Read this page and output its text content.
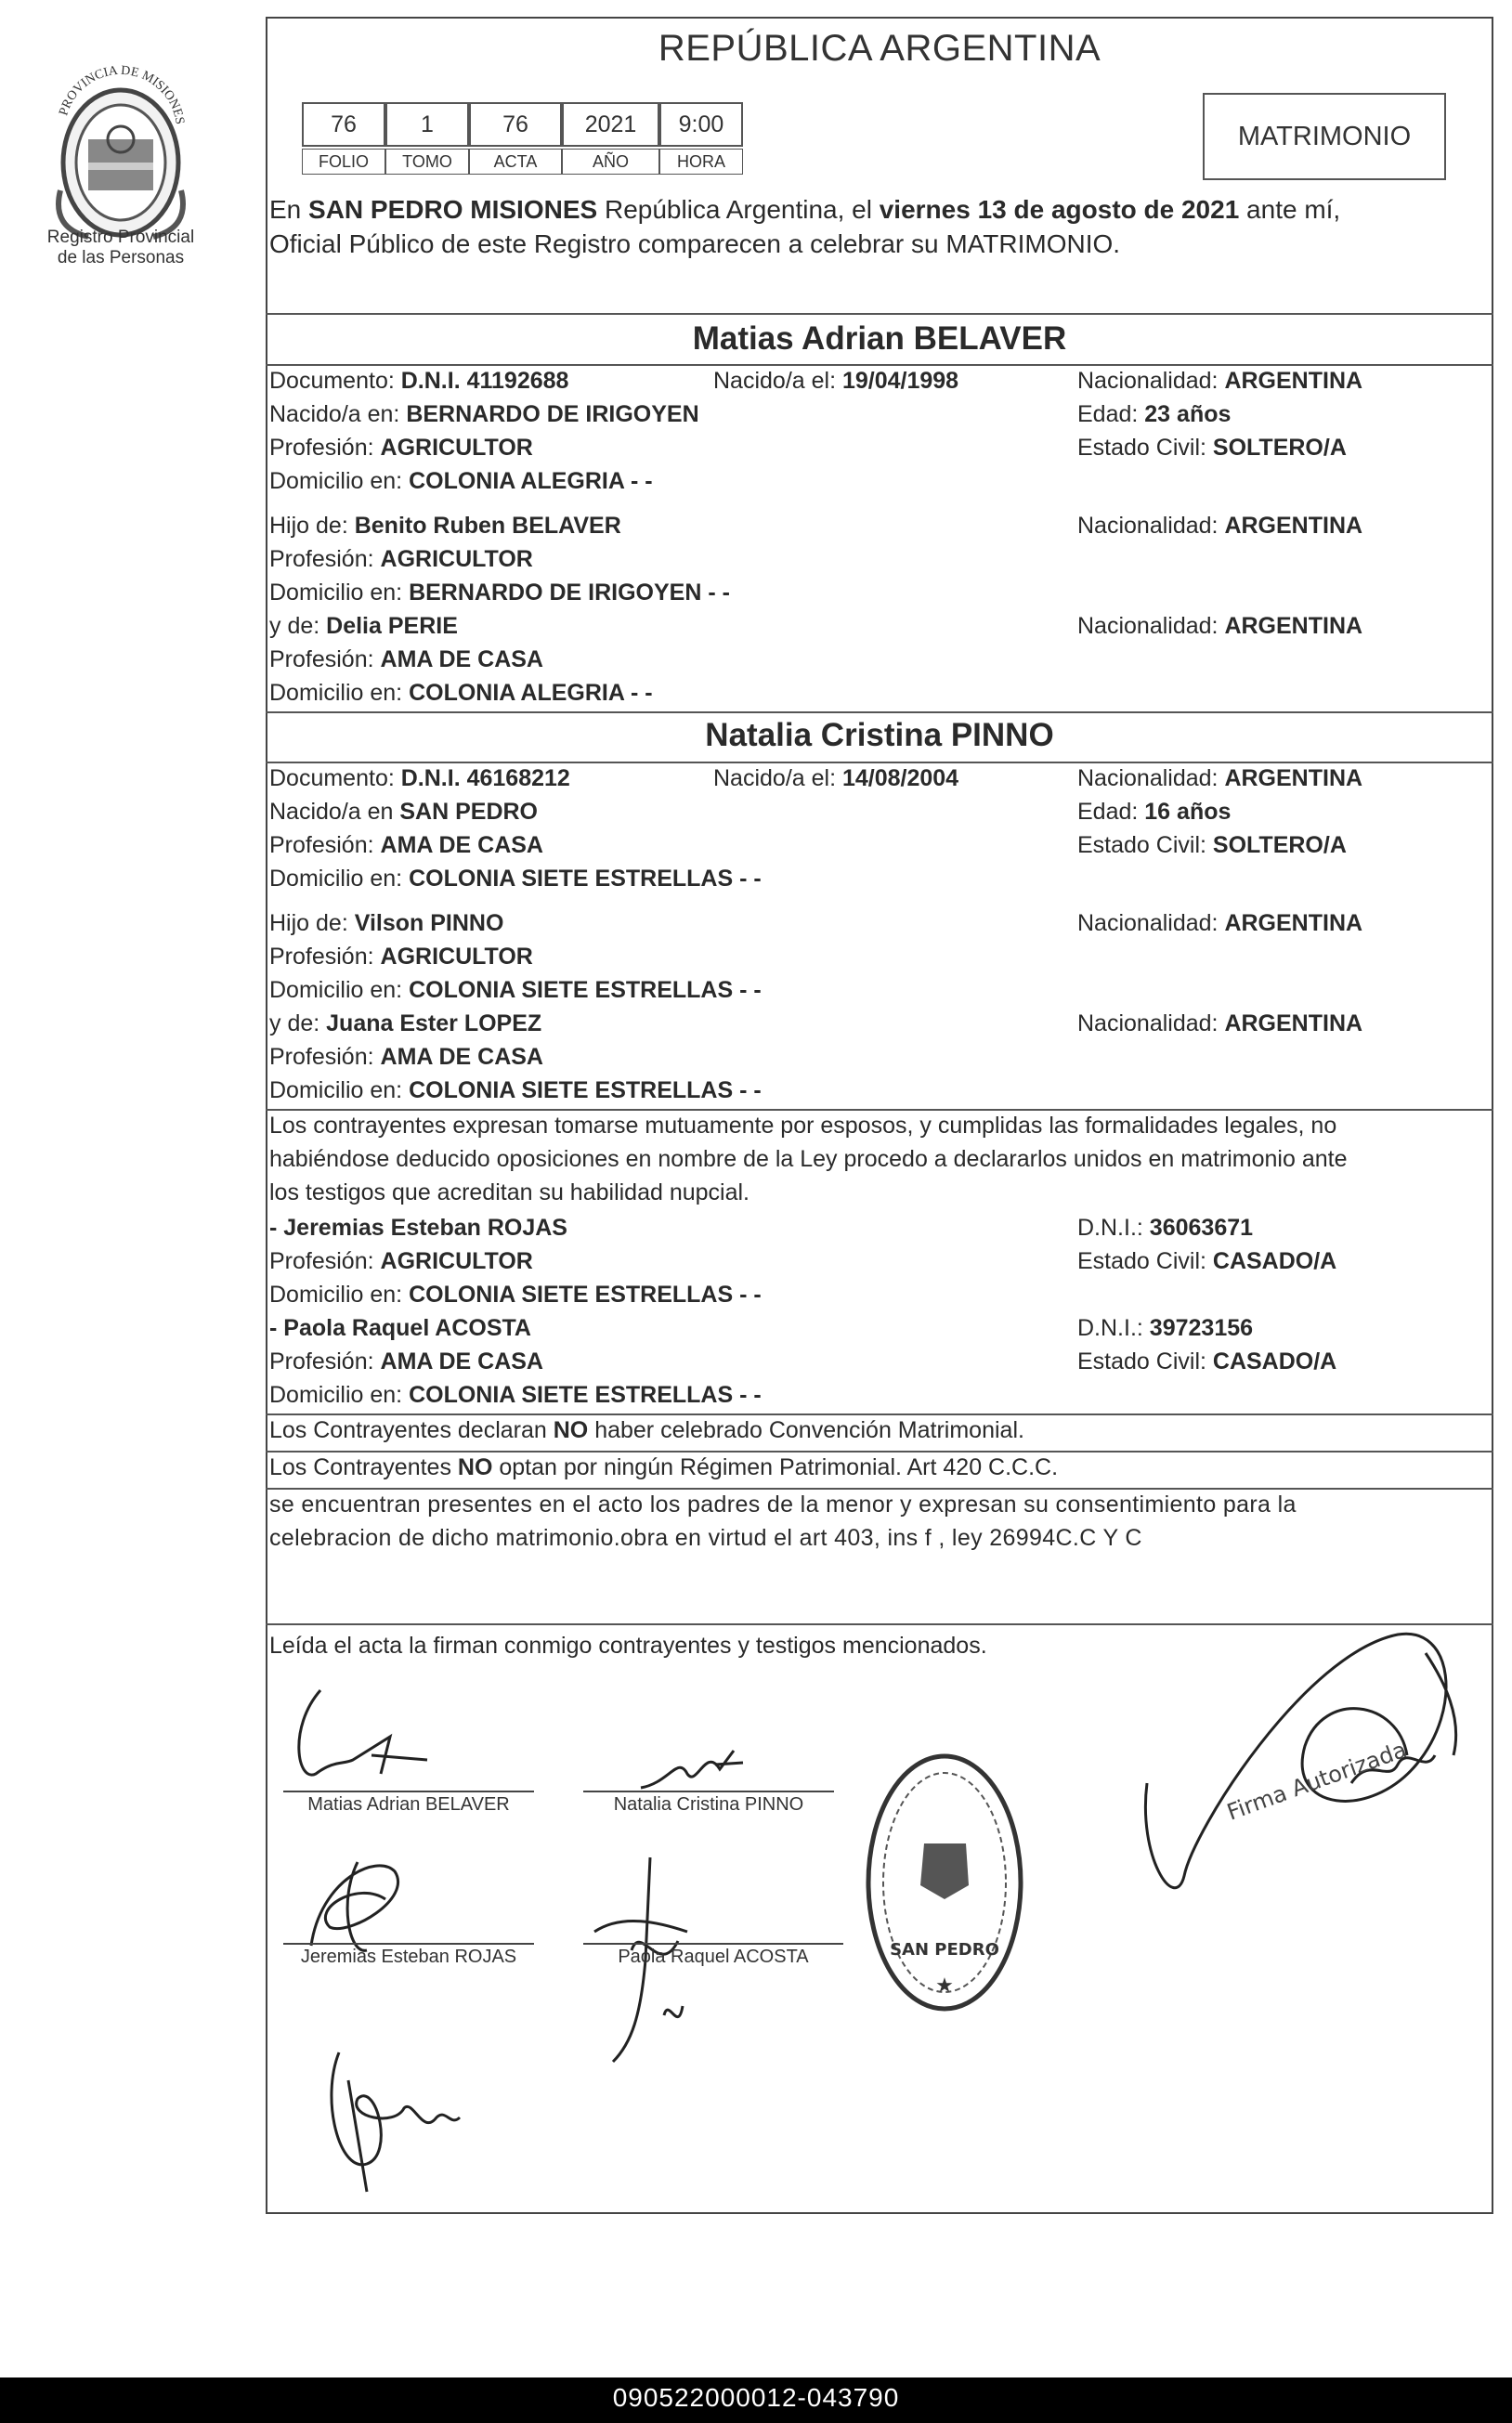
PROVINCIA DE MISIONES
Registro Provincial
de las Personas
REPÚBLICA ARGENTINA
76	1	76	2021	9:00
FOLIO	TOMO	ACTA	AÑO	HORA
MATRIMONIO
En SAN PEDRO MISIONES República Argentina, el viernes 13 de agosto de 2021 ante mí,
Oficial Público de este Registro comparecen a celebrar su MATRIMONIO.
Matias Adrian BELAVER
Documento: D.N.I. 41192688	Nacido/a el: 19/04/1998	Nacionalidad: ARGENTINA
Nacido/a en: BERNARDO DE IRIGOYEN	Edad: 23 años
Profesión: AGRICULTOR	Estado Civil: SOLTERO/A
Domicilio en: COLONIA ALEGRIA - -
Hijo de: Benito Ruben BELAVER	Nacionalidad: ARGENTINA
Profesión: AGRICULTOR
Domicilio en: BERNARDO DE IRIGOYEN - -
y de: Delia PERIE	Nacionalidad: ARGENTINA
Profesión: AMA DE CASA
Domicilio en: COLONIA ALEGRIA - -
Natalia Cristina PINNO
Documento: D.N.I. 46168212	Nacido/a el: 14/08/2004	Nacionalidad: ARGENTINA
Nacido/a en SAN PEDRO	Edad: 16 años
Profesión: AMA DE CASA	Estado Civil: SOLTERO/A
Domicilio en: COLONIA SIETE ESTRELLAS - -
Hijo de: Vilson PINNO	Nacionalidad: ARGENTINA
Profesión: AGRICULTOR
Domicilio en: COLONIA SIETE ESTRELLAS - -
y de: Juana Ester LOPEZ	Nacionalidad: ARGENTINA
Profesión: AMA DE CASA
Domicilio en: COLONIA SIETE ESTRELLAS - -
Los contrayentes expresan tomarse mutuamente por esposos, y cumplidas las formalidades legales, no
habiéndose deducido oposiciones en nombre de la Ley procedo a declararlos unidos en matrimonio ante
los testigos que acreditan su habilidad nupcial.
- Jeremias Esteban ROJAS	D.N.I.: 36063671
Profesión: AGRICULTOR	Estado Civil: CASADO/A
Domicilio en: COLONIA SIETE ESTRELLAS - -
- Paola Raquel ACOSTA	D.N.I.: 39723156
Profesión: AMA DE CASA	Estado Civil: CASADO/A
Domicilio en: COLONIA SIETE ESTRELLAS - -
Los Contrayentes declaran NO haber celebrado Convención Matrimonial.
Los Contrayentes NO optan por ningún Régimen Patrimonial. Art 420 C.C.C.
se encuentran presentes en el acto los padres de la menor y expresan su consentimiento para la
celebracion de dicho matrimonio.obra en virtud el art 403, ins f , ley 26994C.C Y C
Leída el acta la firman conmigo contrayentes y testigos mencionados.
Matias Adrian BELAVER	Natalia Cristina PINNO
Jeremias Esteban ROJAS	Paola Raquel ACOSTA	SAN PEDRO
★
Firma Autorizada
090522000012-043790
